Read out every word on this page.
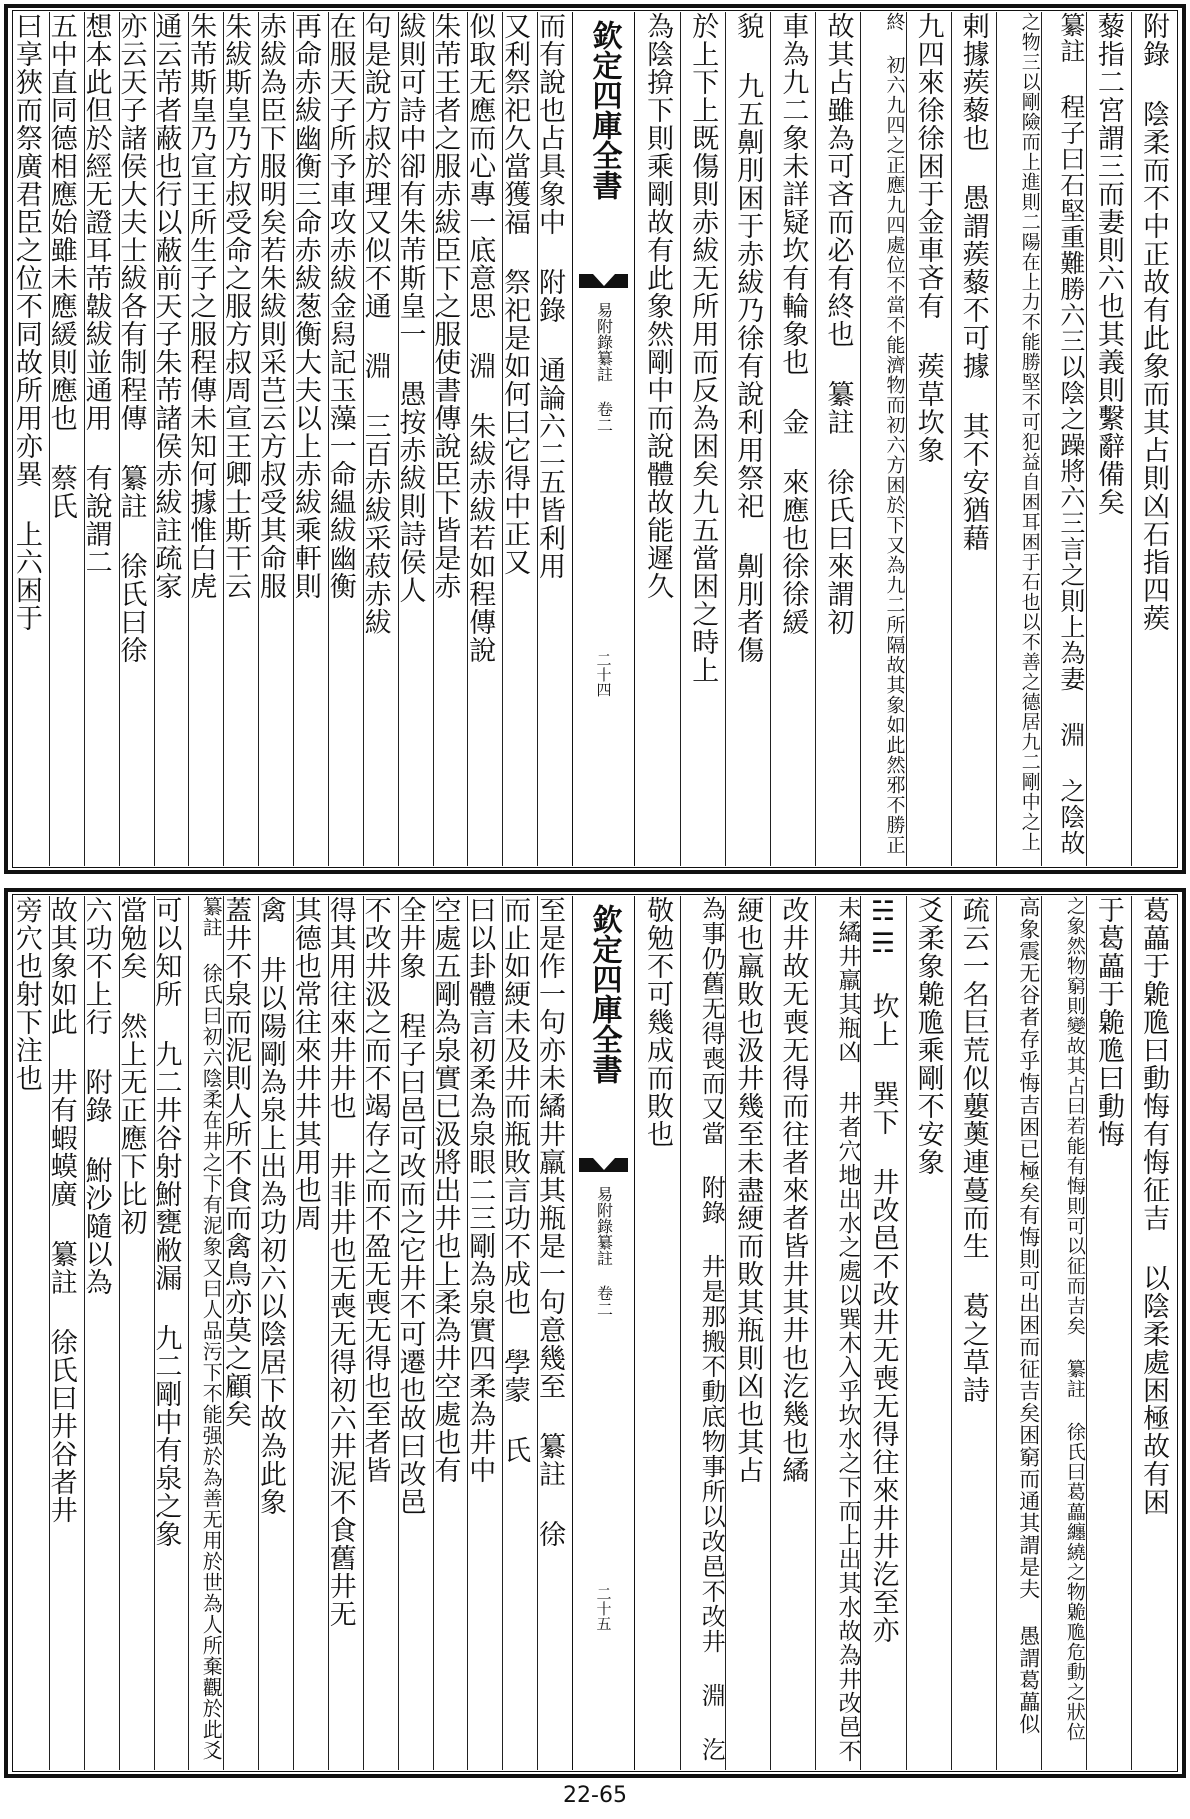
附錄 陰柔而不中正故有此象而其占則凶石指四蒺
藜指二宮謂三而妻則六也其義則繫辭備矣
纂註 程子曰石堅重難勝六三以陰之躁將六三言之則上為妻 淵 之陰故
之物三以剛險而上進則二陽在上力不能勝堅不可犯益自困耳困于石也以不善之德居九二剛中之上
剌據蒺藜也 愚謂蒺藜不可據 其不安猶藉
九四來徐徐困于金車吝有 蒺草坎象
終 初六九四之正應九四處位不當不能濟物而初六方困於下又為九二所隔故其象如此然邪不勝正
故其占雖為可吝而必有終也 纂註 徐氏曰來謂初
車為九二象未詳疑坎有輪象也 金 來應也徐徐緩
貌 九五劓刖困于赤紱乃徐有說利用祭祀 劓刖者傷
於上下上既傷則赤紱无所用而反為困矣九五當困之時上
為陰揜下則乘剛故有此象然剛中而說體故能遲久
欽定四庫全書
易附錄纂註 卷二
二十四
而有說也占具象中 附錄 通論六二五皆利用
又利祭祀久當獲福 祭祀是如何曰它得中正又
似取无應而心專一底意思 淵 朱紱赤紱若如程傳說
朱芾王者之服赤紱臣下之服使書傳說臣下皆是赤
紱則可詩中卻有朱芾斯皇一 愚按赤紱則詩侯人
句是說方叔於理又似不通 淵 三百赤紱采菽赤紱
在服天子所予車攻赤紱金舄記玉藻一命緼紱幽衡
再命赤紱幽衡三命赤紱葱衡大夫以上赤紱乘軒則
赤紱為臣下服明矣若朱紱則采芑云方叔受其命服
朱紱斯皇乃方叔受命之服方叔周宣王卿士斯干云
朱芾斯皇乃宣王所生子之服程傳未知何據惟白虎
通云芾者蔽也行以蔽前天子朱芾諸侯赤紱註疏家
亦云天子諸侯大夫士紱各有制程傳 纂註 徐氏曰徐
想本此但於經无證耳芾韍紱並通用 有說謂二
五中直同德相應始雖未應緩則應也 蔡氏
曰享狹而祭廣君臣之位不同故所用亦異 上六困于
葛藟于臲卼曰動悔有悔征吉 以陰柔處困極故有困
于葛藟于臲卼曰動悔
之象然物窮則變故其占曰若能有悔則可以征而吉矣 纂註 徐氏曰葛藟纏繞之物臲卼危動之狀位
高象震无谷者存乎悔吉困已極矣有悔則可出困而征吉矣困窮而通其謂是夫 愚謂葛藟似
疏云一名巨荒似蘡薁連蔓而生 葛之草詩
爻柔象臲卼乘剛不安象
☵☴ 坎上 巽下 井改邑不改井无喪无得往來井井汔至亦
未繘井羸其瓶凶 井者穴地出水之處以巽木入乎坎水之下而上出其水故為井改邑不
改井故无喪无得而往者來者皆井其井也汔幾也繘
綆也羸敗也汲井幾至未盡綆而敗其瓶則凶也其占
為事仍舊无得喪而又當 附錄 井是那搬不動底物事所以改邑不改井 淵 汔
敬勉不可幾成而敗也
欽定四庫全書
易附錄纂註 卷二
二十五
至是作一句亦未繘井羸其瓶是一句意幾至 纂註 徐
而止如綆未及井而瓶敗言功不成也 學蒙 氏
曰以卦體言初柔為泉眼二三剛為泉實四柔為井中
空處五剛為泉實已汲將出井也上柔為井空處也有
全井象 程子曰邑可改而之它井不可遷也故曰改邑
不改井汲之而不竭存之而不盈无喪无得也至者皆
得其用往來井井也 井非井也无喪无得初六井泥不食舊井无
其德也常往來井井其用也周
禽 井以陽剛為泉上出為功初六以陰居下故為此象
蓋井不泉而泥則人所不食而禽鳥亦莫之顧矣
纂註 徐氏曰初六陰柔在井之下有泥象又曰人品污下不能强於為善无用於世為人所棄觀於此爻
可以知所 九二井谷射鮒甕敝漏 九二剛中有泉之象
當勉矣 然上无正應下比初
六功不上行 附錄 鮒沙隨以為
故其象如此 井有蝦蟆廣 纂註 徐氏曰井谷者井
旁穴也射下注也
22-65
